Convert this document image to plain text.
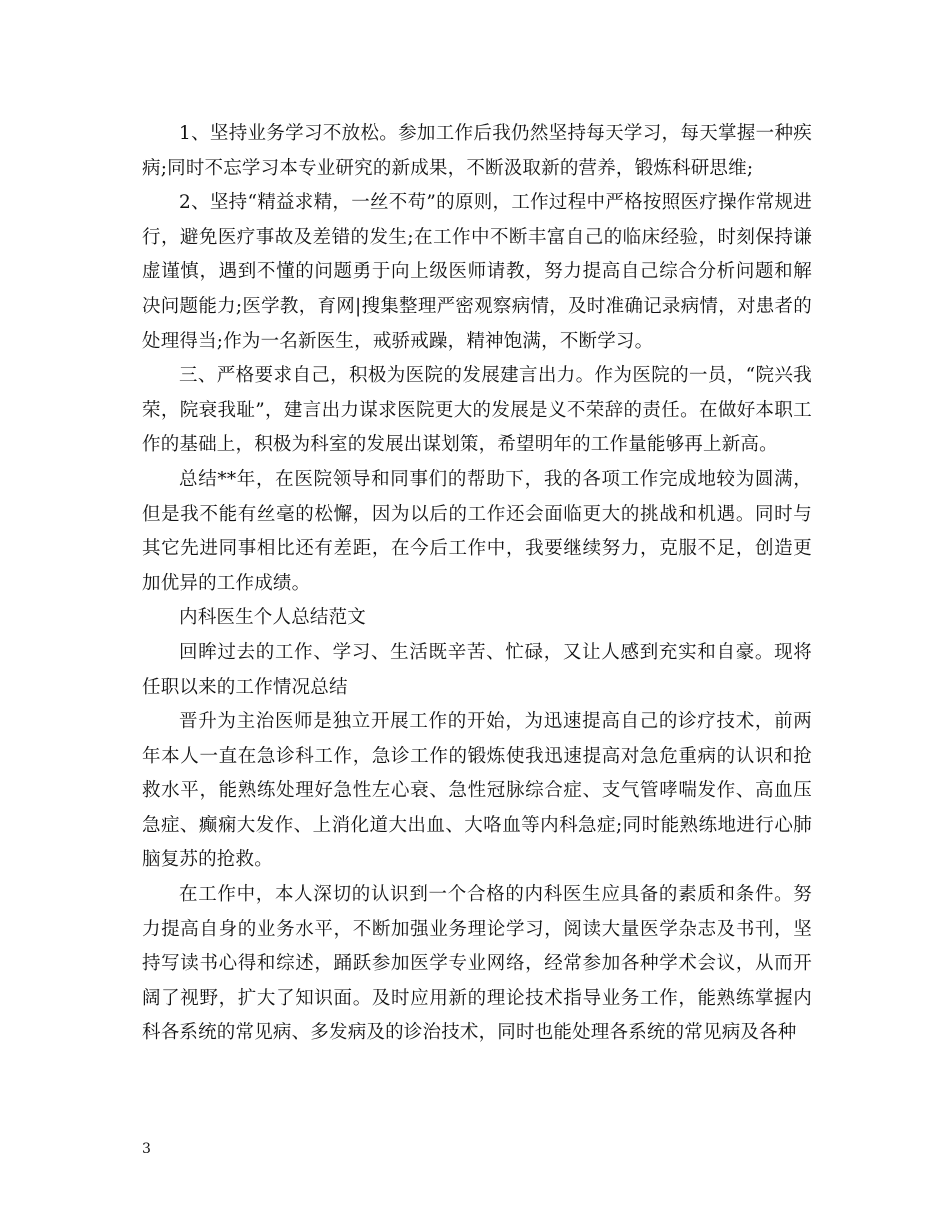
1、坚持业务学习不放松。参加工作后我仍然坚持每天学习，每天掌握一种疾病;同时不忘学习本专业研究的新成果，不断汲取新的营养，锻炼科研思维;

2、坚持“精益求精，一丝不苟”的原则，工作过程中严格按照医疗操作常规进行，避免医疗事故及差错的发生;在工作中不断丰富自己的临床经验，时刻保持谦虚谨慎，遇到不懂的问题勇于向上级医师请教，努力提高自己综合分析问题和解决问题能力;医学教，育网|搜集整理严密观察病情，及时准确记录病情，对患者的处理得当;作为一名新医生，戒骄戒躁，精神饱满，不断学习。

三、严格要求自己，积极为医院的发展建言出力。作为医院的一员，“院兴我荣，院衰我耻”，建言出力谋求医院更大的发展是义不荣辞的责任。在做好本职工作的基础上，积极为科室的发展出谋划策，希望明年的工作量能够再上新高。

总结**年，在医院领导和同事们的帮助下，我的各项工作完成地较为圆满，但是我不能有丝毫的松懈，因为以后的工作还会面临更大的挑战和机遇。同时与其它先进同事相比还有差距，在今后工作中，我要继续努力，克服不足，创造更加优异的工作成绩。

内科医生个人总结范文

回眸过去的工作、学习、生活既辛苦、忙碌，又让人感到充实和自豪。现将任职以来的工作情况总结

晋升为主治医师是独立开展工作的开始，为迅速提高自己的诊疗技术，前两年本人一直在急诊科工作，急诊工作的锻炼使我迅速提高对急危重病的认识和抢救水平，能熟练处理好急性左心衰、急性冠脉综合症、支气管哮喘发作、高血压急症、癫痫大发作、上消化道大出血、大咯血等内科急症;同时能熟练地进行心肺脑复苏的抢救。

在工作中，本人深切的认识到一个合格的内科医生应具备的素质和条件。努力提高自身的业务水平，不断加强业务理论学习，阅读大量医学杂志及书刊，坚持写读书心得和综述，踊跃参加医学专业网络，经常参加各种学术会议，从而开阔了视野，扩大了知识面。及时应用新的理论技术指导业务工作，能熟练掌握内科各系统的常见病、多发病及的诊治技术，同时也能处理各系统的常见病及各种

3
